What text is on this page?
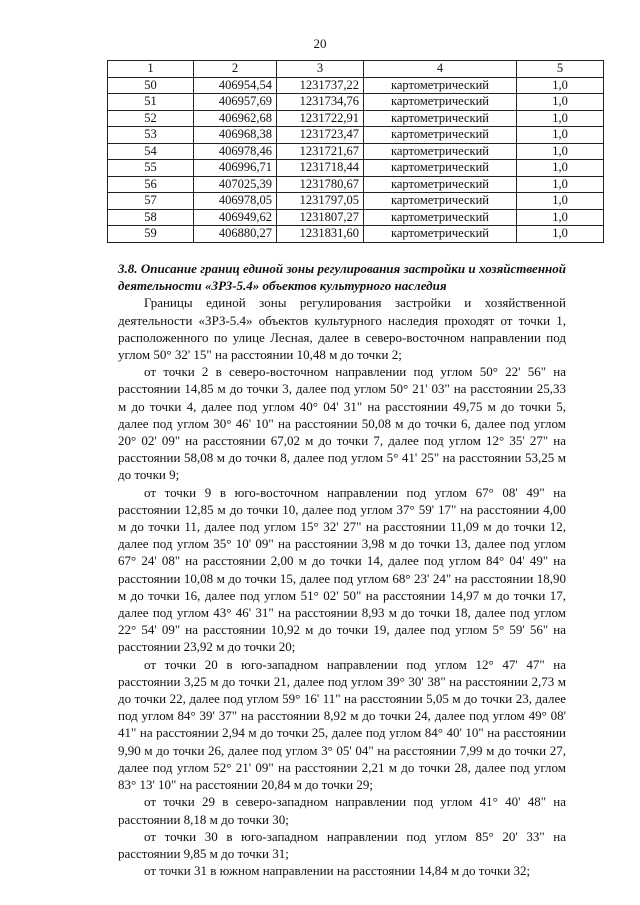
20
1	2	3	4	5
50	406954,54	1231737,22	картометрический	1,0
51	406957,69	1231734,76	картометрический	1,0
52	406962,68	1231722,91	картометрический	1,0
53	406968,38	1231723,47	картометрический	1,0
54	406978,46	1231721,67	картометрический	1,0
55	406996,71	1231718,44	картометрический	1,0
56	407025,39	1231780,67	картометрический	1,0
57	406978,05	1231797,05	картометрический	1,0
58	406949,62	1231807,27	картометрический	1,0
59	406880,27	1231831,60	картометрический	1,0

3.8. Описание границ единой зоны регулирования застройки и хозяйственной деятельности «ЗРЗ-5.4» объектов культурного наследия

Границы единой зоны регулирования застройки и хозяйственной деятельности «ЗРЗ-5.4» объектов культурного наследия проходят от точки 1, расположенного по улице Лесная, далее в северо-восточном направлении под углом 50° 32' 15" на расстоянии 10,48 м до точки 2;

от точки 2 в северо-восточном направлении под углом 50° 22' 56" на расстоянии 14,85 м до точки 3, далее под углом 50° 21' 03" на расстоянии 25,33 м до точки 4, далее под углом 40° 04' 31" на расстоянии 49,75 м до точки 5, далее под углом 30° 46' 10" на расстоянии 50,08 м до точки 6, далее под углом 20° 02' 09" на расстоянии 67,02 м до точки 7, далее под углом 12° 35' 27" на расстоянии 58,08 м до точки 8, далее под углом 5° 41' 25" на расстоянии 53,25 м до точки 9;

от точки 9 в юго-восточном направлении под углом 67° 08' 49" на расстоянии 12,85 м до точки 10, далее под углом 37° 59' 17" на расстоянии 4,00 м до точки 11, далее под углом 15° 32' 27" на расстоянии 11,09 м до точки 12, далее под углом 35° 10' 09" на расстоянии 3,98 м до точки 13, далее под углом 67° 24' 08" на расстоянии 2,00 м до точки 14, далее под углом 84° 04' 49" на расстоянии 10,08 м до точки 15, далее под углом 68° 23' 24" на расстоянии 18,90 м до точки 16, далее под углом 51° 02' 50" на расстоянии 14,97 м до точки 17, далее под углом 43° 46' 31" на расстоянии 8,93 м до точки 18, далее под углом 22° 54' 09" на расстоянии 10,92 м до точки 19, далее под углом 5° 59' 56" на расстоянии 23,92 м до точки 20;

от точки 20 в юго-западном направлении под углом 12° 47' 47" на расстоянии 3,25 м до точки 21, далее под углом 39° 30' 38" на расстоянии 2,73 м до точки 22, далее под углом 59° 16' 11" на расстоянии 5,05 м до точки 23, далее под углом 84° 39' 37" на расстоянии 8,92 м до точки 24, далее под углом 49° 08' 41" на расстоянии 2,94 м до точки 25, далее под углом 84° 40' 10" на расстоянии 9,90 м до точки 26, далее под углом 3° 05' 04" на расстоянии 7,99 м до точки 27, далее под углом 52° 21' 09" на расстоянии 2,21 м до точки 28, далее под углом 83° 13' 10" на расстоянии 20,84 м до точки 29;

от точки 29 в северо-западном направлении под углом 41° 40' 48" на расстоянии 8,18 м до точки 30;

от точки 30 в юго-западном направлении под углом 85° 20' 33" на расстоянии 9,85 м до точки 31;

от точки 31 в южном направлении на расстоянии 14,84 м до точки 32;
